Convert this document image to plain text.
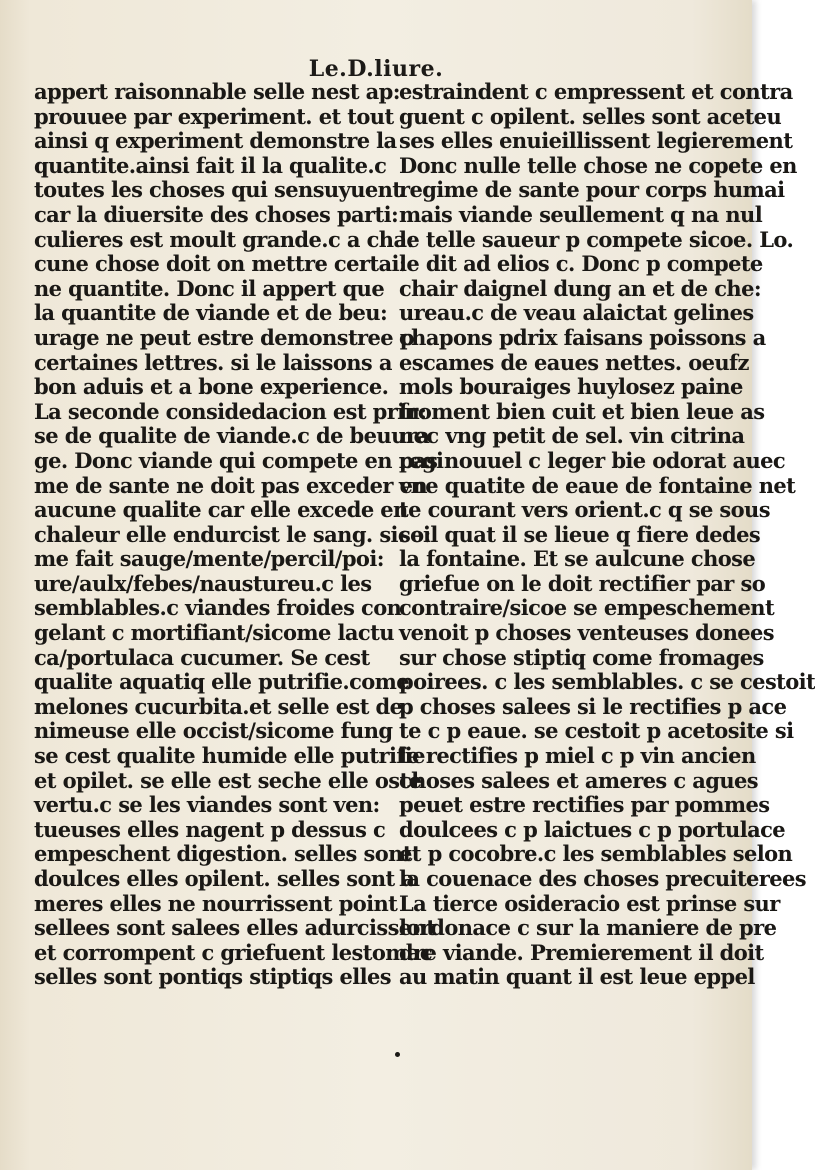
Le.D.liure.
appert raisonnable selle nest ap:
prouuee par experiment. et tout
ainsi q experiment demonstre la
quantite.ainsi fait il la qualite.c
toutes les choses qui sensuyuent
car la diuersite des choses parti:
culieres est moult grande.c a cha:
cune chose doit on mettre certai:
ne quantite. Donc il appert que
la quantite de viande et de beu:
urage ne peut estre demonstree p
certaines lettres. si le laissons a
bon aduis et a bone experience.
La seconde considedacion est prin:
se de qualite de viande.c de beuura
ge. Donc viande qui compete en regi
me de sante ne doit pas exceder en
aucune qualite car elle excede en
chaleur elle endurcist le sang. sico:
me fait sauge/mente/percil/poi:
ure/aulx/febes/naustureu.c les
semblables.c viandes froides con
gelant c mortifiant/sicome lactu
ca/portulaca cucumer. Se cest
qualite aquatiq elle putrifie.come
melones cucurbita.et selle est de
nimeuse elle occist/sicome fung
se cest qualite humide elle putrifie
et opilet. se elle est seche elle oste
vertu.c se les viandes sont ven:
tueuses elles nagent p dessus c
empeschent digestion. selles sont
doulces elles opilent. selles sont a
meres elles ne nourrissent point
sellees sont salees elles adurcissent
et corrompent c griefuent lestomac
selles sont pontiqs stiptiqs elles
estraindent c empressent et contra
guent c opilent. selles sont aceteu
ses elles enuieillissent legierement
Donc nulle telle chose ne copete en
regime de sante pour corps humai
mais viande seullement q na nul
le telle saueur p compete sicoe. Lo.
le dit ad elios c. Donc p compete
chair daignel dung an et de che:
ureau.c de veau alaictat gelines
chapons pdrix faisans poissons a
escames de eaues nettes. oeufz
mols bouraiges huylosez paine
froment bien cuit et bien leue as
nec vng petit de sel. vin citrina
pas nouuel c leger bie odorat auec
vne quatite de eaue de fontaine net
te courant vers orient.c q se sous
seil quat il se lieue q fiere dedes
la fontaine. Et se aulcune chose
griefue on le doit rectifier par so
contraire/sicoe se empeschement
venoit p choses venteuses donees
sur chose stiptiq come fromages
poirees. c les semblables. c se cestoit
p choses salees si le rectifies p ace
te c p eaue. se cestoit p acetosite si
le rectifies p miel c p vin ancien
choses salees et ameres c agues
peuet estre rectifies par pommes
doulcees c p laictues c p portulace
et p cocobre.c les semblables selon
la couenace des choses precuiterees
La tierce osideracio est prinse sur
lordonace c sur la maniere de pre
dre viande. Premierement il doit
au matin quant il est leue eppel
